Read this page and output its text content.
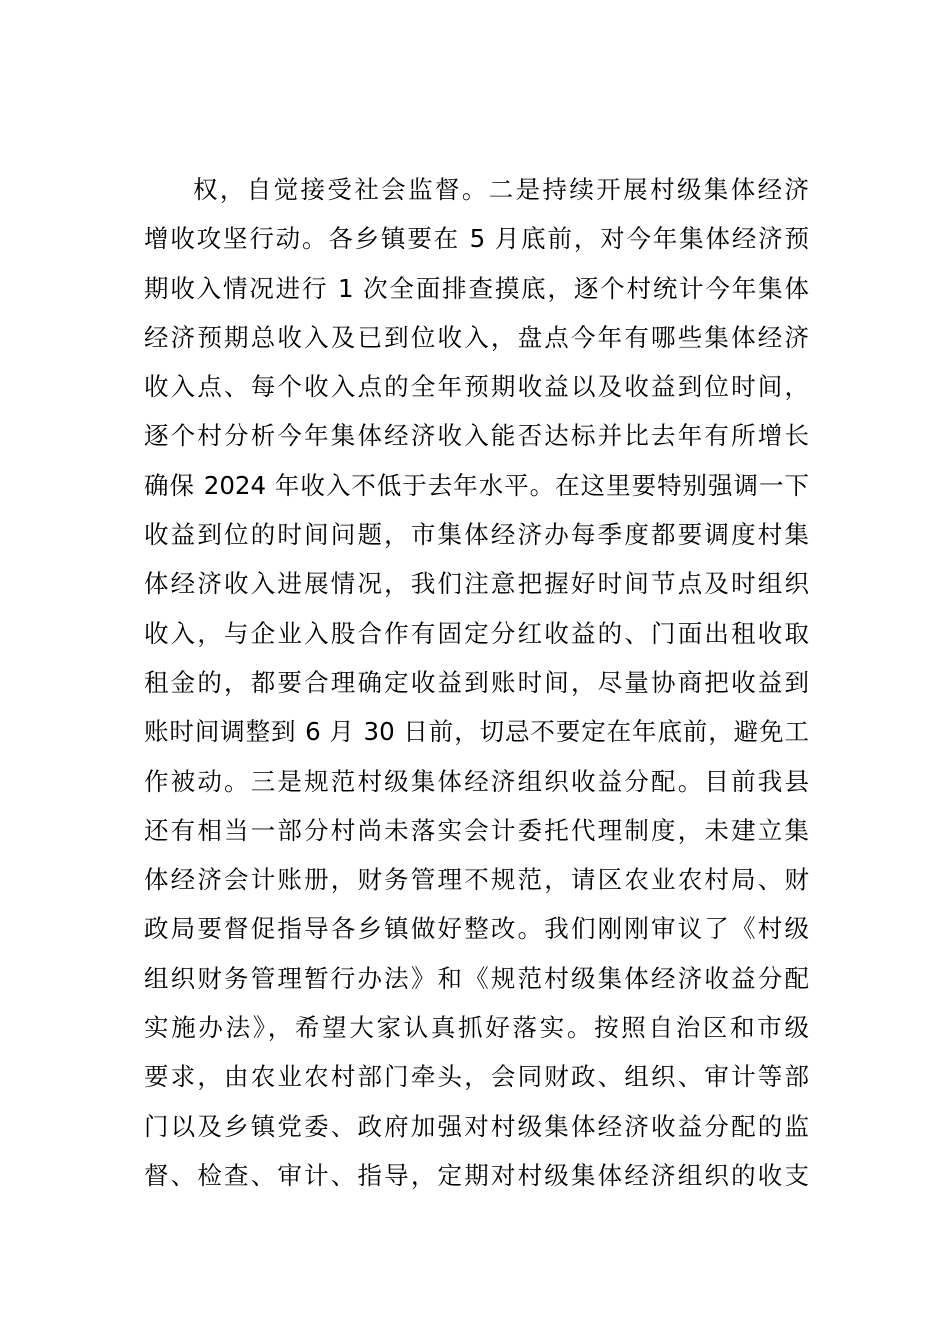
权，自觉接受社会监督。二是持续开展村级集体经济
增收攻坚行动。各乡镇要在 5 月底前，对今年集体经济预
期收入情况进行 1 次全面排查摸底，逐个村统计今年集体
经济预期总收入及已到位收入，盘点今年有哪些集体经济
收入点、每个收入点的全年预期收益以及收益到位时间，
逐个村分析今年集体经济收入能否达标并比去年有所增长
确保 2024 年收入不低于去年水平。在这里要特别强调一下
收益到位的时间问题，市集体经济办每季度都要调度村集
体经济收入进展情况，我们注意把握好时间节点及时组织
收入，与企业入股合作有固定分红收益的、门面出租收取
租金的，都要合理确定收益到账时间，尽量协商把收益到
账时间调整到 6 月 30 日前，切忌不要定在年底前，避免工
作被动。三是规范村级集体经济组织收益分配。目前我县
还有相当一部分村尚未落实会计委托代理制度，未建立集
体经济会计账册，财务管理不规范，请区农业农村局、财
政局要督促指导各乡镇做好整改。我们刚刚审议了《村级
组织财务管理暂行办法》和《规范村级集体经济收益分配
实施办法》，希望大家认真抓好落实。按照自治区和市级
要求，由农业农村部门牵头，会同财政、组织、审计等部
门以及乡镇党委、政府加强对村级集体经济收益分配的监
督、检查、审计、指导，定期对村级集体经济组织的收支
